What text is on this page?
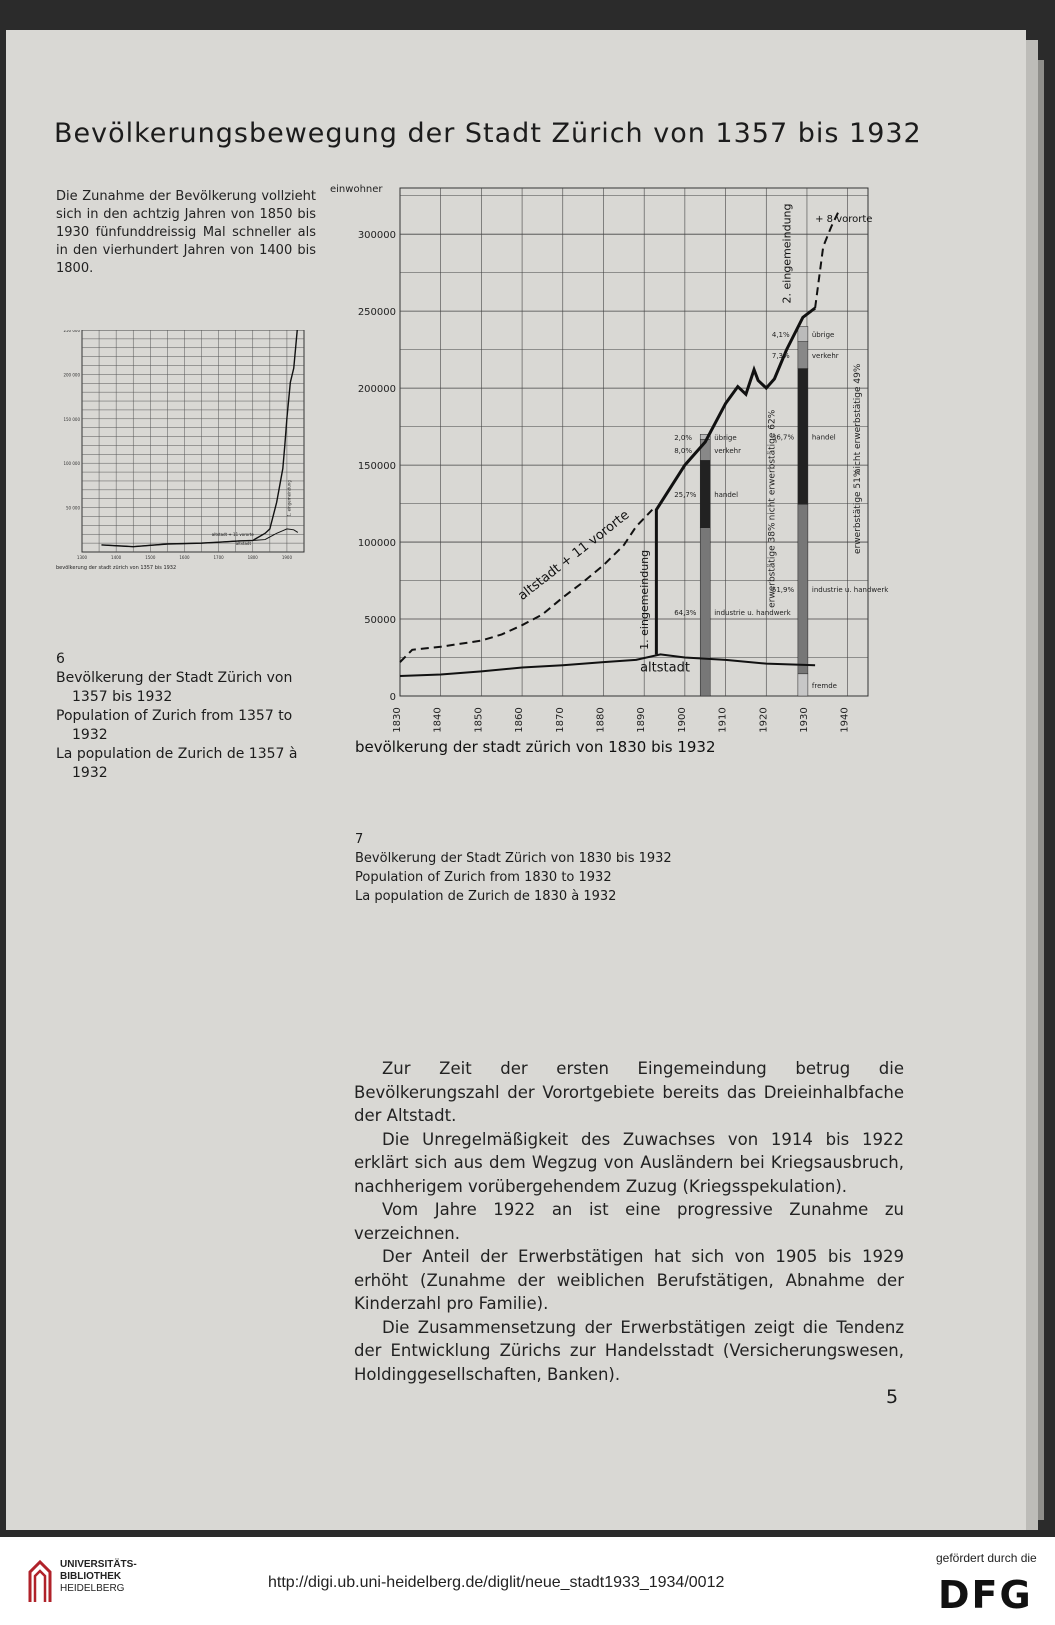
Bevölkerungsbewegung der Stadt Zürich von 1357 bis 1932
Die Zunahme der Bevölkerung vollzieht sich in den achtzig Jahren von 1850 bis 1930 fünfunddreissig Mal schneller als in den vierhundert Jahren von 1400 bis 1800.
50 000
100 000
150 000
200 000
250 000
1300	1400	1500	1600	1700	1800	1900
altstadt + 11 vororte
altstadt
1. eingemeindung
bevölkerung der stadt zürich von 1357 bis 1932
6
Bevölkerung der Stadt Zürich von 1357 bis 1932
Population of Zurich from 1357 to 1932
La population de Zurich de 1357 à 1932
0
50000
100000
150000
200000
250000
300000
1830	1840	1850	1860	1870	1880	1890	1900	1910	1920	1930	1940
einwohner
2,0%	übrige
8,0%	verkehr
25,7%	handel
64,3%	industrie u. handwerk
erwerbstätige 38%
nicht erwerbstätige 62%
4,1%	übrige
7,3%	verkehr
36,7%	handel
51,9%	industrie u. handwerk
fremde
erwerbstätige 51%
nicht erwerbstätige 49%
altstadt + 11 vororte
altstadt
1. eingemeindung
2. eingemeindung + 8 vororte
bevölkerung der stadt zürich von 1830 bis 1932
7
Bevölkerung der Stadt Zürich von 1830 bis 1932
Population of Zurich from 1830 to 1932
La population de Zurich de 1830 à 1932

Zur Zeit der ersten Eingemeindung betrug die Bevölkerungszahl der Vorortgebiete bereits das Dreieinhalbfache der Altstadt.

Die Unregelmäßigkeit des Zuwachses von 1914 bis 1922 erklärt sich aus dem Wegzug von Ausländern bei Kriegsausbruch, nachherigem vorübergehendem Zuzug (Kriegsspekulation).

Vom Jahre 1922 an ist eine progressive Zunahme zu verzeichnen.

Der Anteil der Erwerbstätigen hat sich von 1905 bis 1929 erhöht (Zunahme der weiblichen Berufstätigen, Abnahme der Kinderzahl pro Familie).

Die Zusammensetzung der Erwerbstätigen zeigt die Tendenz der Entwicklung Zürichs zur Handelsstadt (Versicherungswesen, Holdinggesellschaften, Banken).

5
UNIVERSITÄTS-
BIBLIOTHEK
HEIDELBERG	http://digi.ub.uni-heidelberg.de/diglit/neue_stadt1933_1934/0012
gefördert durch die
DFG
